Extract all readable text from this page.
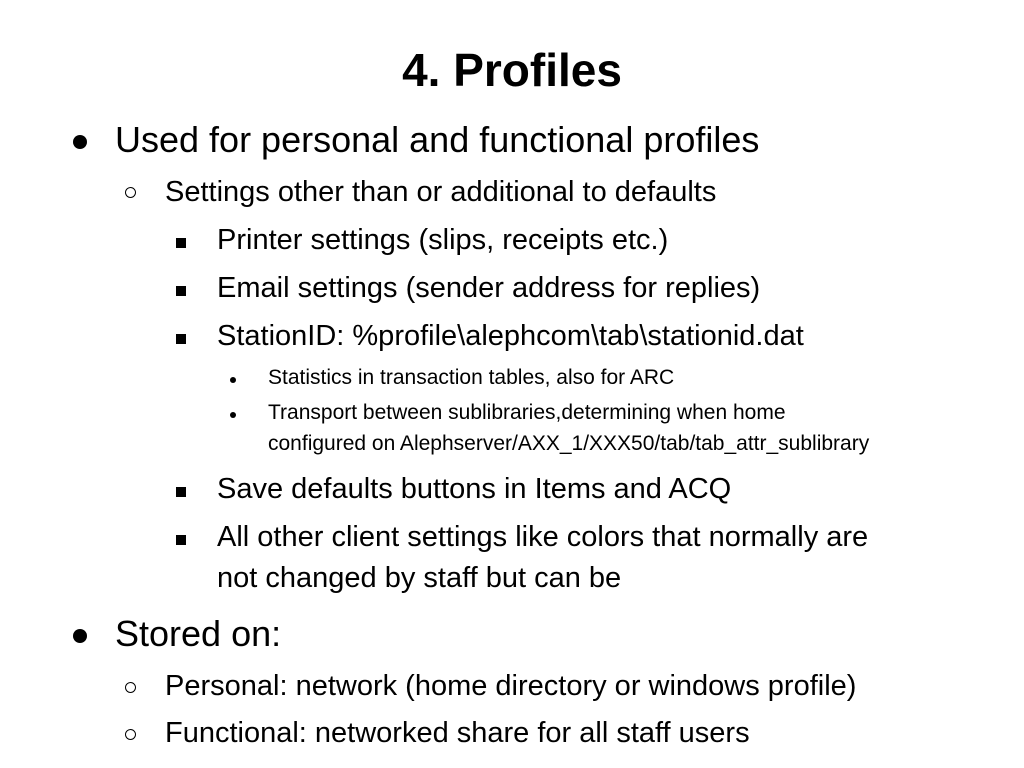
4. Profiles
Used for personal and functional profiles
Settings other than or additional to defaults
Printer settings (slips, receipts etc.)
Email settings (sender address for replies)
StationID: %profile\alephcom\tab\stationid.dat
Statistics in transaction tables, also for ARC
Transport between sublibraries,determining when home
configured on Alephserver/AXX_1/XXX50/tab/tab_attr_sublibrary
Save defaults buttons in Items and ACQ
All other client settings like colors that normally are
not changed by staff but can be
Stored on:
Personal: network (home directory or windows profile)
Functional: networked share for all staff users
